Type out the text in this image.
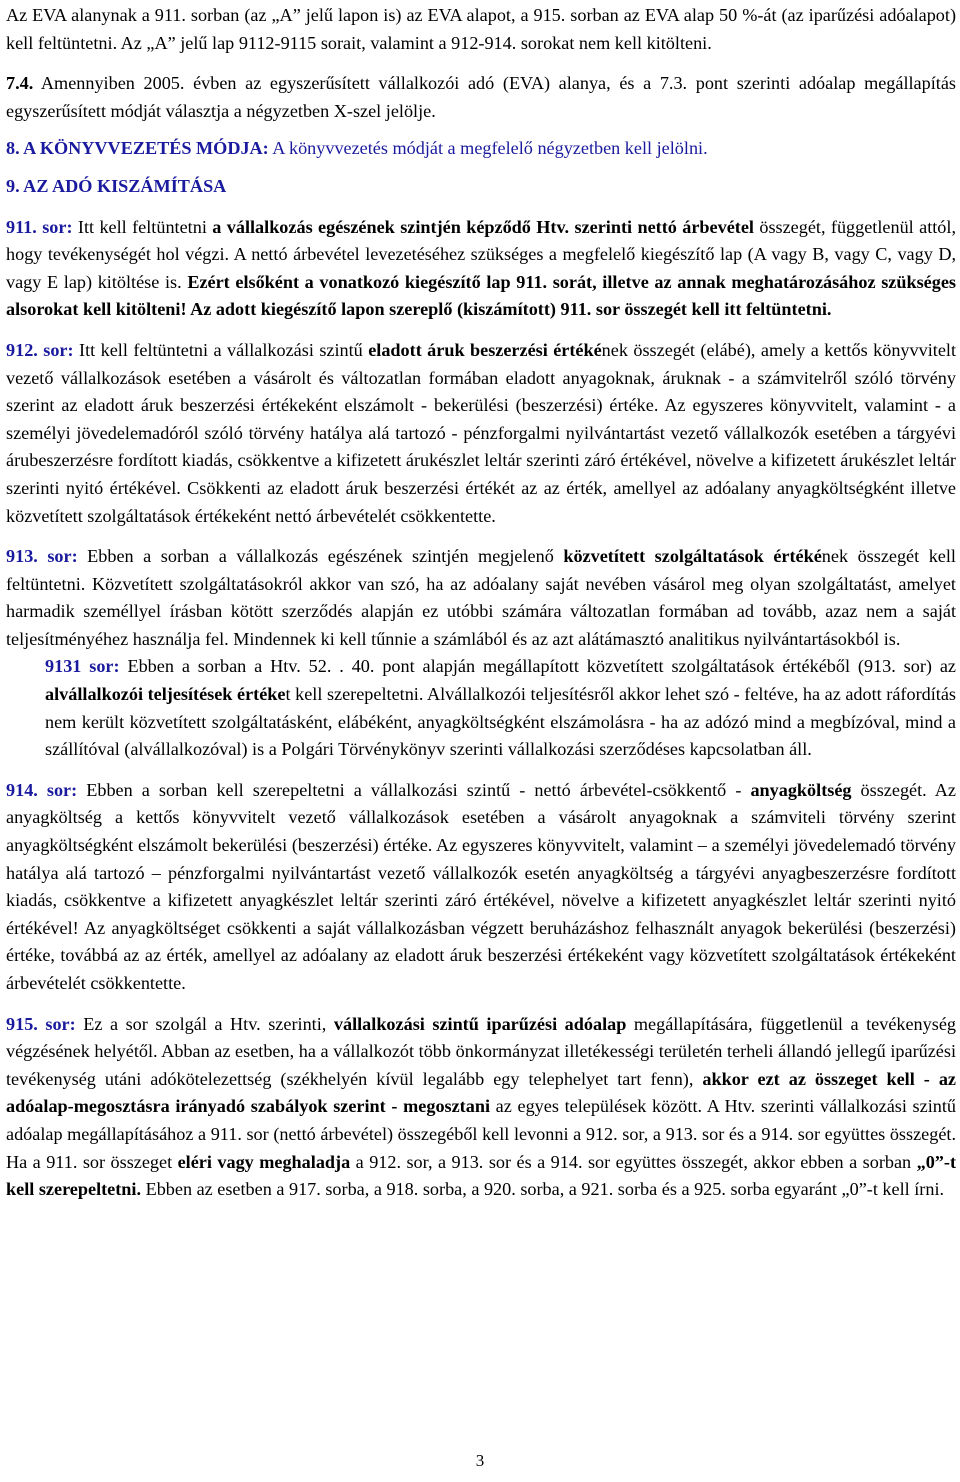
Az EVA alanynak a 911. sorban (az „A” jelű lapon is) az EVA alapot, a 915. sorban az EVA alap 50 %-át (az iparűzési adóalapot) kell feltüntetni. Az „A” jelű lap 9112-9115 sorait, valamint a 912-914. sorokat nem kell kitölteni.

7.4. Amennyiben 2005. évben az egyszerűsített vállalkozói adó (EVA) alanya, és a 7.3. pont szerinti adóalap megállapítás egyszerűsített módját választja a négyzetben X-szel jelölje.

8. A KÖNYVVEZETÉS MÓDJA: A könyvvezetés módját a megfelelő négyzetben kell jelölni.

9. AZ ADÓ KISZÁMÍTÁSA

911. sor: Itt kell feltüntetni a vállalkozás egészének szintjén képződő Htv. szerinti nettó árbevétel összegét, függetlenül attól, hogy tevékenységét hol végzi. A nettó árbevétel levezetéséhez szükséges a megfelelő kiegészítő lap (A vagy B, vagy C, vagy D, vagy E lap) kitöltése is. Ezért elsőként a vonatkozó kiegészítő lap 911. sorát, illetve az annak meghatározásához szükséges alsorokat kell kitölteni! Az adott kiegészítő lapon szereplő (kiszámított) 911. sor összegét kell itt feltüntetni.

912. sor: Itt kell feltüntetni a vállalkozási szintű eladott áruk beszerzési értékének összegét (elábé), amely a kettős könyvvitelt vezető vállalkozások esetében a vásárolt és változatlan formában eladott anyagoknak, áruknak - a számvitelről szóló törvény szerint az eladott áruk beszerzési értékeként elszámolt - bekerülési (beszerzési) értéke. Az egyszeres könyvvitelt, valamint - a személyi jövedelemadóról szóló törvény hatálya alá tartozó - pénzforgalmi nyilvántartást vezető vállalkozók esetében a tárgyévi árubeszerzésre fordított kiadás, csökkentve a kifizetett árukészlet leltár szerinti záró értékével, növelve a kifizetett árukészlet leltár szerinti nyitó értékével. Csökkenti az eladott áruk beszerzési értékét az az érték, amellyel az adóalany anyagköltségként illetve közvetített szolgáltatások értékeként nettó árbevételét csökkentette.

913. sor: Ebben a sorban a vállalkozás egészének szintjén megjelenő közvetített szolgáltatások értékének összegét kell feltüntetni. Közvetített szolgáltatásokról akkor van szó, ha az adóalany saját nevében vásárol meg olyan szolgáltatást, amelyet harmadik személlyel írásban kötött szerződés alapján ez utóbbi számára változatlan formában ad tovább, azaz nem a saját teljesítményéhez használja fel. Mindennek ki kell tűnnie a számlából és az azt alátámasztó analitikus nyilvántartásokból is.

9131 sor: Ebben a sorban a Htv. 52. . 40. pont alapján megállapított közvetített szolgáltatások értékéből (913. sor) az alvállalkozói teljesítések értéket kell szerepeltetni. Alvállalkozói teljesítésről akkor lehet szó - feltéve, ha az adott ráfordítás nem került közvetített szolgáltatásként, elábéként, anyagköltségként elszámolásra - ha az adózó mind a megbízóval, mind a szállítóval (alvállalkozóval) is a Polgári Törvénykönyv szerinti vállalkozási szerződéses kapcsolatban áll.

914. sor: Ebben a sorban kell szerepeltetni a vállalkozási szintű - nettó árbevétel-csökkentő - anyagköltség összegét. Az anyagköltség a kettős könyvvitelt vezető vállalkozások esetében a vásárolt anyagoknak a számviteli törvény szerint anyagköltségként elszámolt bekerülési (beszerzési) értéke. Az egyszeres könyvvitelt, valamint – a személyi jövedelemadó törvény hatálya alá tartozó – pénzforgalmi nyilvántartást vezető vállalkozók esetén anyagköltség a tárgyévi anyagbeszerzésre fordított kiadás, csökkentve a kifizetett anyagkészlet leltár szerinti záró értékével, növelve a kifizetett anyagkészlet leltár szerinti nyitó értékével! Az anyagköltséget csökkenti a saját vállalkozásban végzett beruházáshoz felhasznált anyagok bekerülési (beszerzési) értéke, továbbá az az érték, amellyel az adóalany az eladott áruk beszerzési értékeként vagy közvetített szolgáltatások értékeként árbevételét csökkentette.

915. sor: Ez a sor szolgál a Htv. szerinti, vállalkozási szintű iparűzési adóalap megállapítására, függetlenül a tevékenység végzésének helyétől. Abban az esetben, ha a vállalkozót több önkormányzat illetékességi területén terheli állandó jellegű iparűzési tevékenység utáni adókötelezettség (székhelyén kívül legalább egy telephelyet tart fenn), akkor ezt az összeget kell - az adóalap-megosztásra irányadó szabályok szerint - megosztani az egyes települések között. A Htv. szerinti vállalkozási szintű adóalap megállapításához a 911. sor (nettó árbevétel) összegéből kell levonni a 912. sor, a 913. sor és a 914. sor együttes összegét. Ha a 911. sor összeget eléri vagy meghaladja a 912. sor, a 913. sor és a 914. sor együttes összegét, akkor ebben a sorban „0”-t kell szerepeltetni. Ebben az esetben a 917. sorba, a 918. sorba, a 920. sorba, a 921. sorba és a 925. sorba egyaránt „0”-t kell írni.

3
